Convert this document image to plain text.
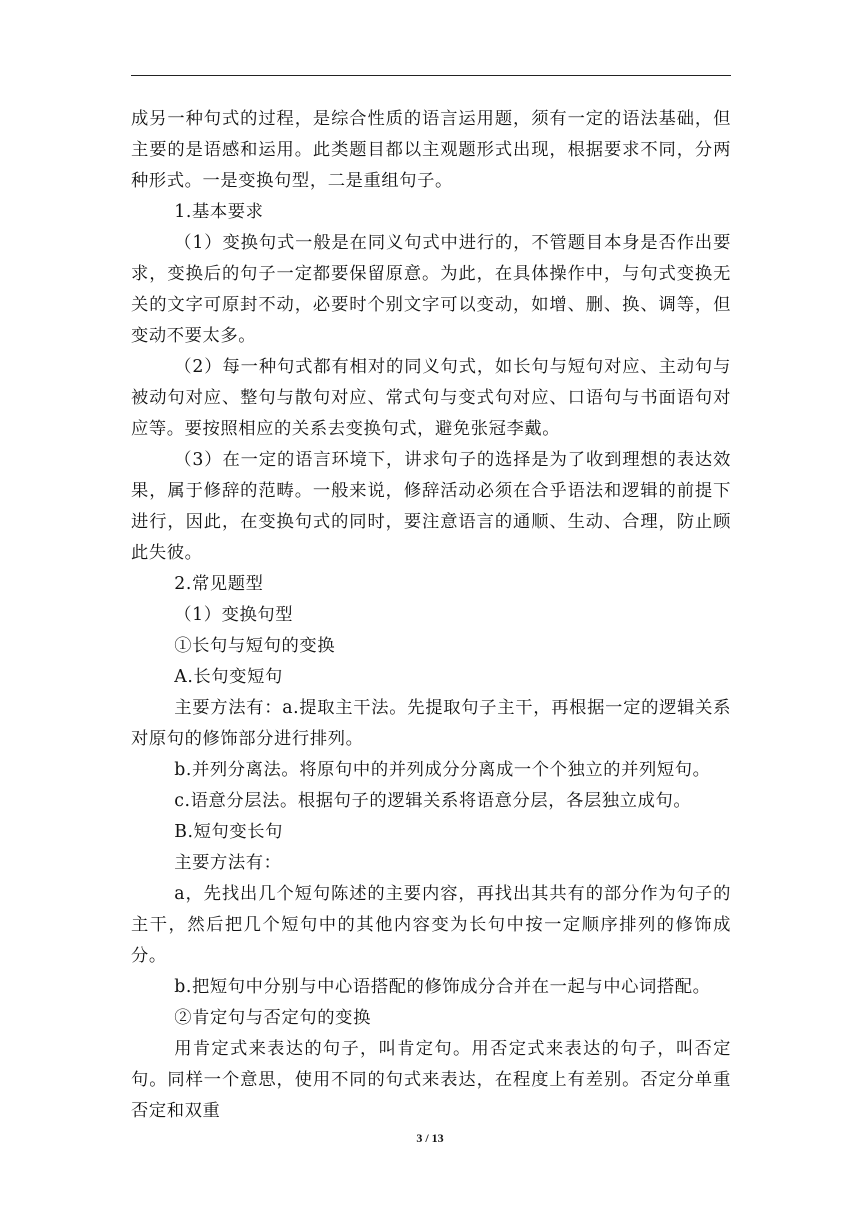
成另一种句式的过程，是综合性质的语言运用题，须有一定的语法基础，但主要的是语感和运用。此类题目都以主观题形式出现，根据要求不同，分两种形式。一是变换句型，二是重组句子。

1.基本要求

（1）变换句式一般是在同义句式中进行的，不管题目本身是否作出要求，变换后的句子一定都要保留原意。为此，在具体操作中，与句式变换无关的文字可原封不动，必要时个别文字可以变动，如增、删、换、调等，但变动不要太多。

（2）每一种句式都有相对的同义句式，如长句与短句对应、主动句与被动句对应、整句与散句对应、常式句与变式句对应、口语句与书面语句对应等。要按照相应的关系去变换句式，避免张冠李戴。

（3）在一定的语言环境下，讲求句子的选择是为了收到理想的表达效果，属于修辞的范畴。一般来说，修辞活动必须在合乎语法和逻辑的前提下进行，因此，在变换句式的同时，要注意语言的通顺、生动、合理，防止顾此失彼。

2.常见题型

（1）变换句型

①长句与短句的变换

A.长句变短句

主要方法有：a.提取主干法。先提取句子主干，再根据一定的逻辑关系对原句的修饰部分进行排列。

b.并列分离法。将原句中的并列成分分离成一个个独立的并列短句。

c.语意分层法。根据句子的逻辑关系将语意分层，各层独立成句。

B.短句变长句

主要方法有：

a，先找出几个短句陈述的主要内容，再找出其共有的部分作为句子的主干，然后把几个短句中的其他内容变为长句中按一定顺序排列的修饰成分。

b.把短句中分别与中心语搭配的修饰成分合并在一起与中心词搭配。

②肯定句与否定句的变换

用肯定式来表达的句子，叫肯定句。用否定式来表达的句子，叫否定句。同样一个意思，使用不同的句式来表达，在程度上有差别。否定分单重否定和双重

3 / 13
